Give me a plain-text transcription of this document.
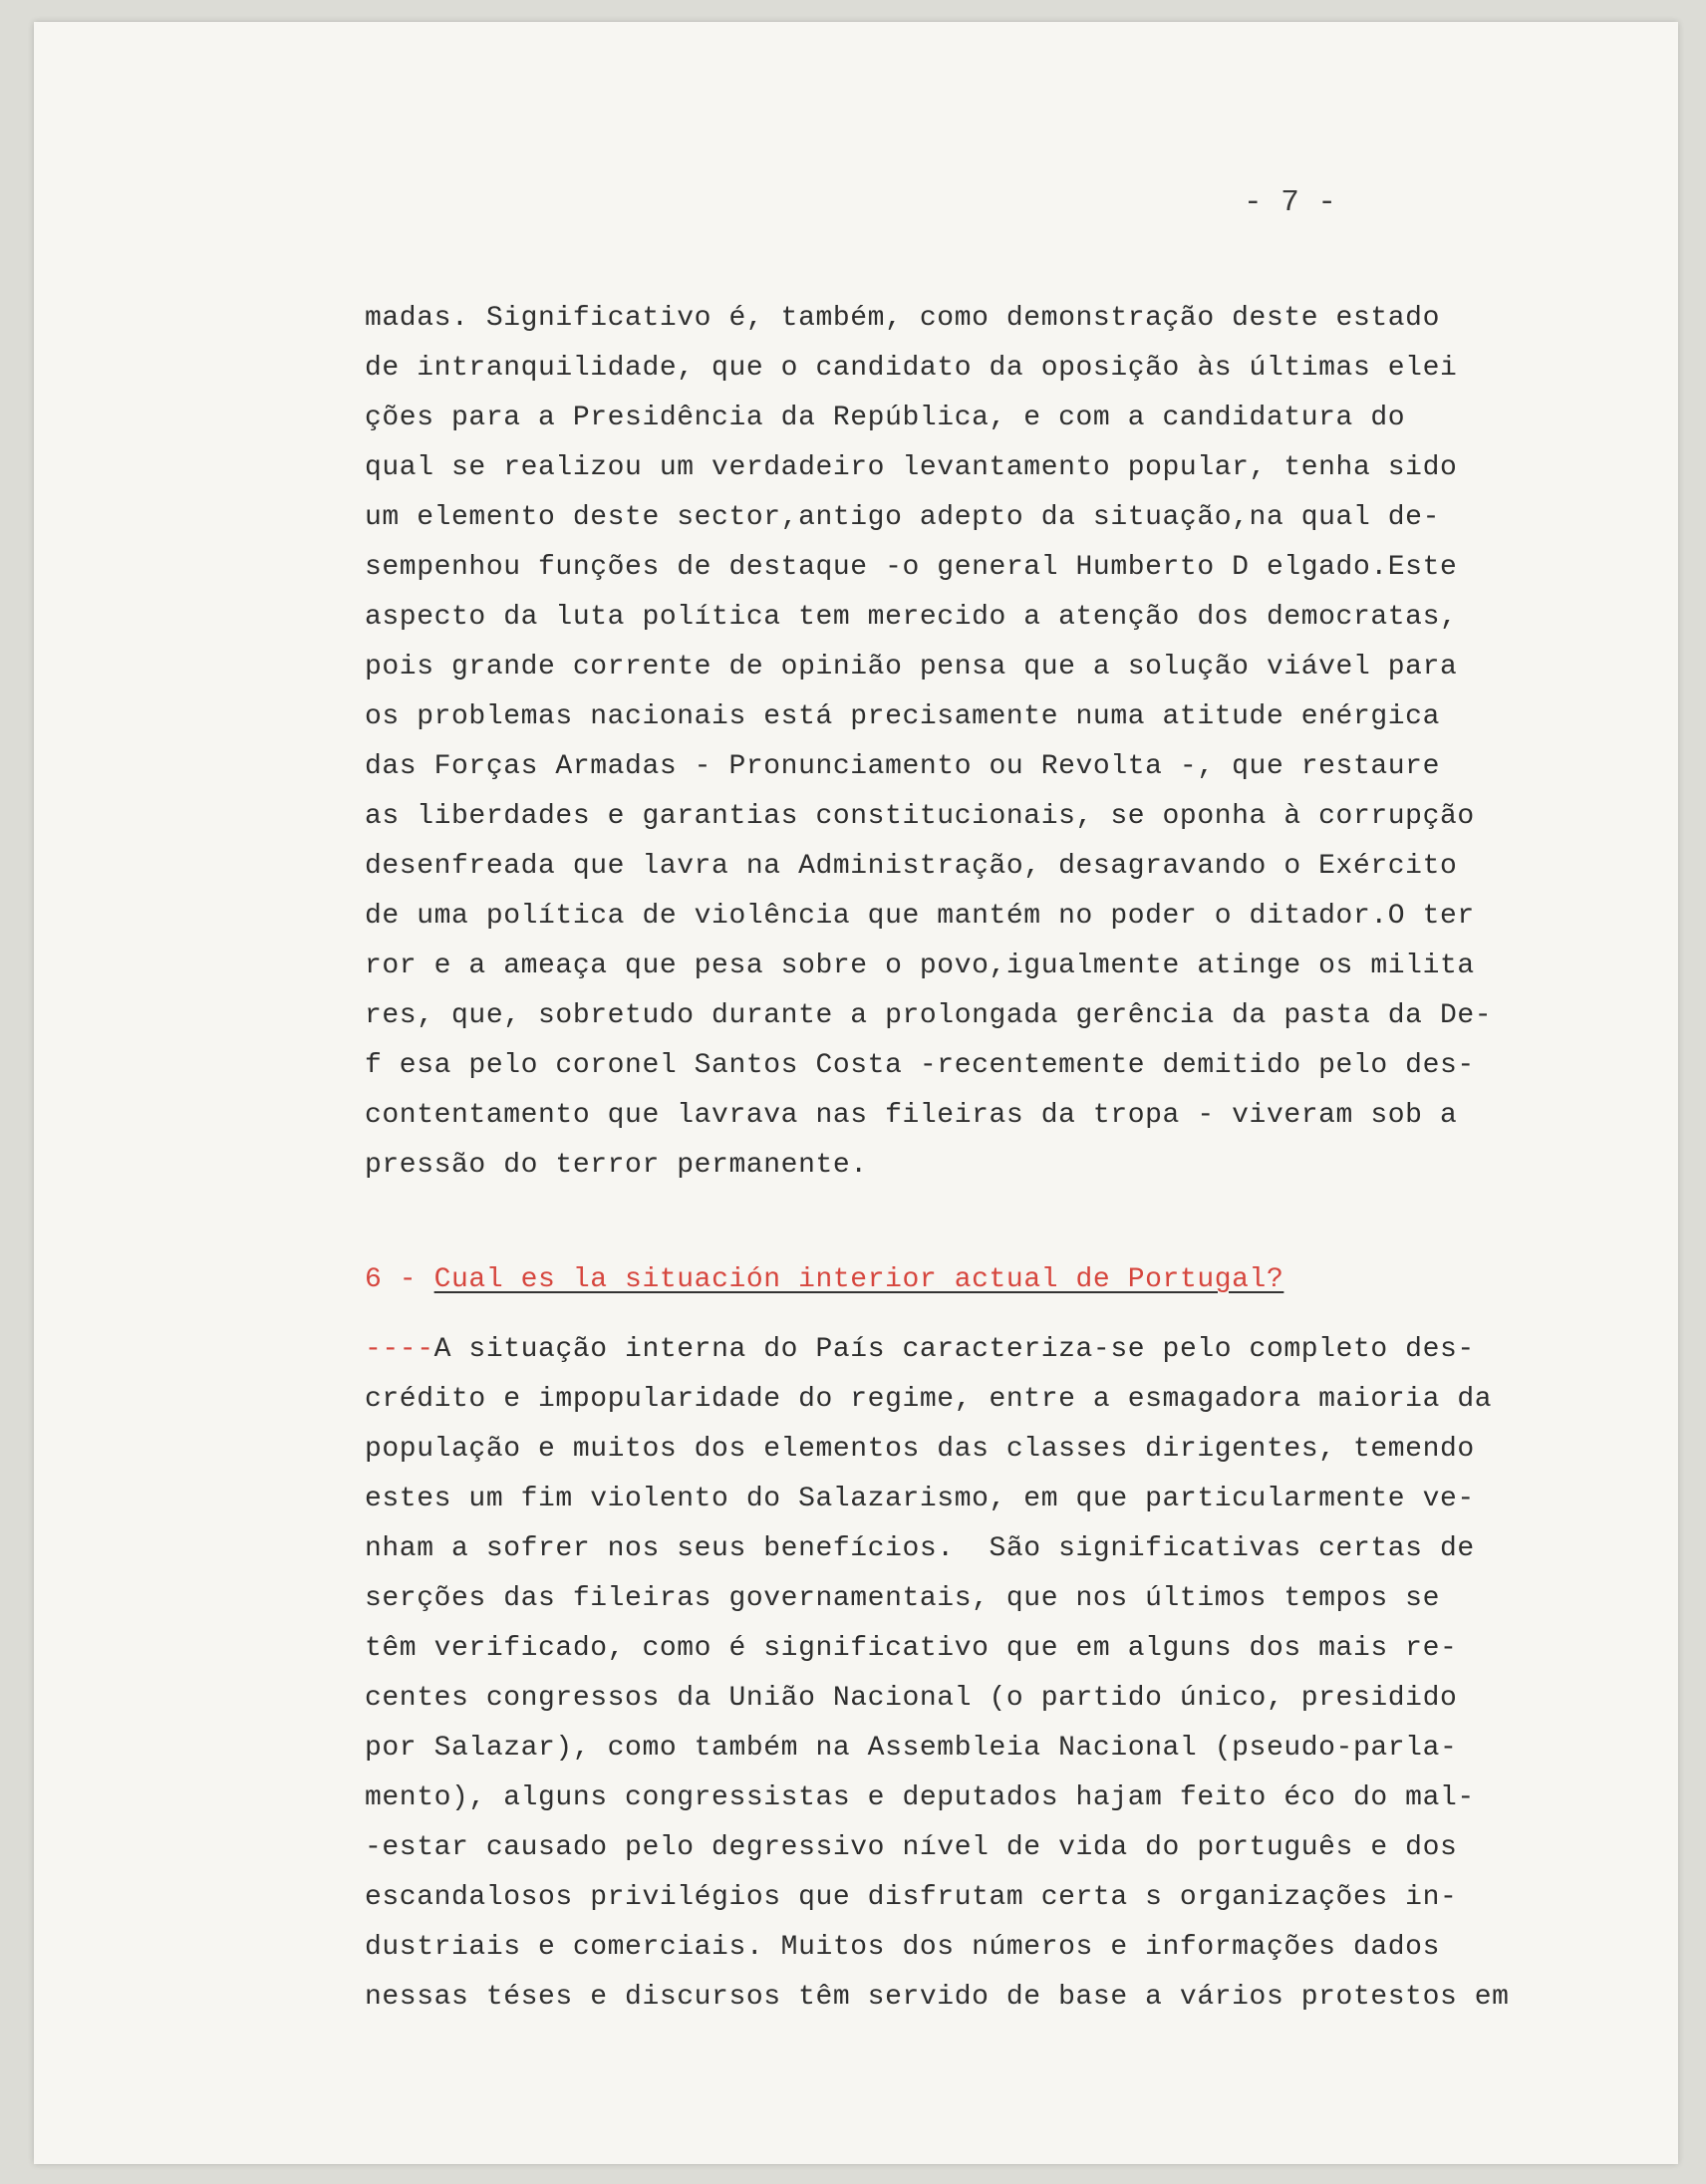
- 7 -
madas. Significativo é, também, como demonstração deste estado
de intranquilidade, que o candidato da oposição às últimas elei
ções para a Presidência da República, e com a candidatura do
qual se realizou um verdadeiro levantamento popular, tenha sido
um elemento deste sector,antigo adepto da situação,na qual de-
sempenhou funções de destaque -o general Humberto D elgado.Este
aspecto da luta política tem merecido a atenção dos democratas,
pois grande corrente de opinião pensa que a solução viável para
os problemas nacionais está precisamente numa atitude enérgica
das Forças Armadas - Pronunciamento ou Revolta -, que restaure
as liberdades e garantias constitucionais, se oponha à corrupção
desenfreada que lavra na Administração, desagravando o Exército
de uma política de violência que mantém no poder o ditador.O ter
ror e a ameaça que pesa sobre o povo,igualmente atinge os milita
res, que, sobretudo durante a prolongada gerência da pasta da De-
f esa pelo coronel Santos Costa -recentemente demitido pelo des-
contentamento que lavrava nas fileiras da tropa - viveram sob a
pressão do terror permanente.
6 - Cual es la situación interior actual de Portugal?
----A situação interna do País caracteriza-se pelo completo des-
crédito e impopularidade do regime, entre a esmagadora maioria da
população e muitos dos elementos das classes dirigentes, temendo
estes um fim violento do Salazarismo, em que particularmente ve-
nham a sofrer nos seus benefícios.  São significativas certas de
serções das fileiras governamentais, que nos últimos tempos se
têm verificado, como é significativo que em alguns dos mais re-
centes congressos da União Nacional (o partido único, presidido
por Salazar), como também na Assembleia Nacional (pseudo-parla-
mento), alguns congressistas e deputados hajam feito éco do mal-
-estar causado pelo degressivo nível de vida do português e dos
escandalosos privilégios que disfrutam certa s organizações in-
dustriais e comerciais. Muitos dos números e informações dados
nessas téses e discursos têm servido de base a vários protestos em
